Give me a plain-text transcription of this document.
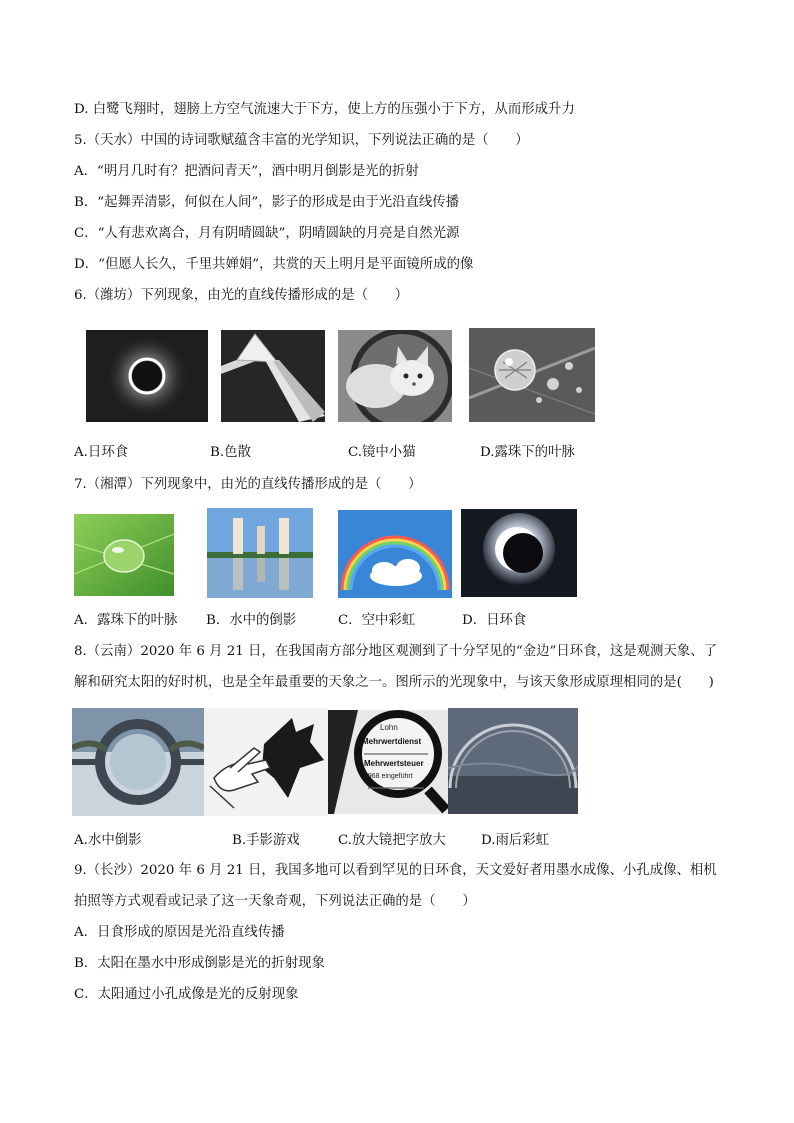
D. 白鹭飞翔时，翅膀上方空气流速大于下方，使上方的压强小于下方，从而形成升力
5.（天水）中国的诗词歌赋蕴含丰富的光学知识，下列说法正确的是（　　）
A．“明月几时有？把酒问青天”，酒中明月倒影是光的折射
B．“起舞弄清影，何似在人间”，影子的形成是由于光沿直线传播
C．“人有悲欢离合，月有阴晴圆缺”，阴晴圆缺的月亮是自然光源
D．“但愿人长久，千里共婵娟”，共赏的天上明月是平面镜所成的像
6.（潍坊）下列现象，由光的直线传播形成的是（　　）
A.日环食	B.色散	C.镜中小猫	D.露珠下的叶脉
7.（湘潭）下列现象中，由光的直线传播形成的是（　　）
A．露珠下的叶脉 B．水中的倒影	C．空中彩虹	D．日环食
8.（云南）2020 年 6 月 21 日，在我国南方部分地区观测到了十分罕见的“金边”日环食，这是观测天象、了
解和研究太阳的好时机，也是全年最重要的天象之一。图所示的光现象中，与该天象形成原理相同的是(　　)
Lohn
Mehrwertdienst
Mehrwertsteuer
1968 eingeführt
A.水中倒影	B.手影游戏	C.放大镜把字放大	D.雨后彩虹
9.（长沙）2020 年 6 月 21 日，我国多地可以看到罕见的日环食，天文爱好者用墨水成像、小孔成像、相机
拍照等方式观看或记录了这一天象奇观，下列说法正确的是（　　）
A．日食形成的原因是光沿直线传播
B．太阳在墨水中形成倒影是光的折射现象
C．太阳通过小孔成像是光的反射现象
